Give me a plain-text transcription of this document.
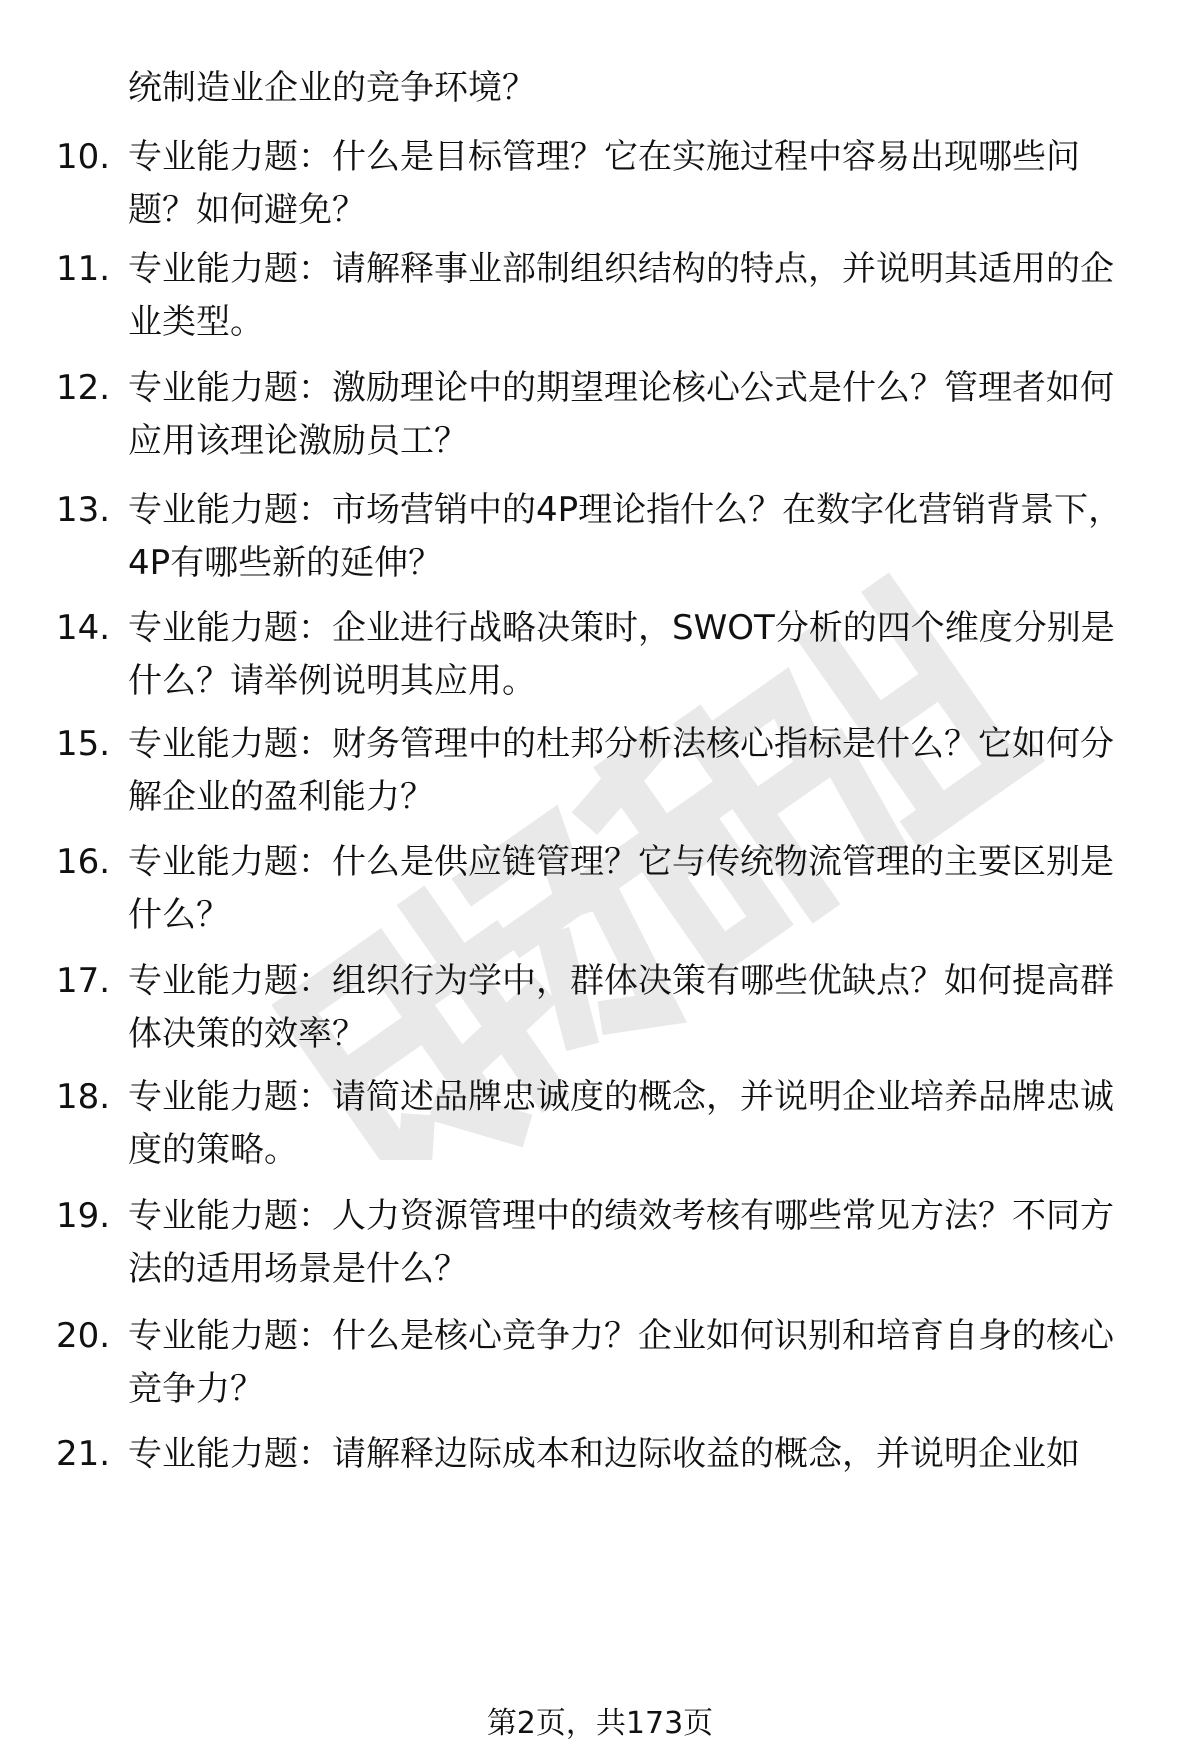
统制造业企业的竞争环境？

10. 专业能力题：什么是目标管理？它在实施过程中容易出现哪些问题？如何避免？

11. 专业能力题：请解释事业部制组织结构的特点，并说明其适用的企业类型。

12. 专业能力题：激励理论中的期望理论核心公式是什么？管理者如何应用该理论激励员工？

13. 专业能力题：市场营销中的4P理论指什么？在数字化营销背景下，4P有哪些新的延伸？

14. 专业能力题：企业进行战略决策时，SWOT分析的四个维度分别是什么？请举例说明其应用。

15. 专业能力题：财务管理中的杜邦分析法核心指标是什么？它如何分解企业的盈利能力？

16. 专业能力题：什么是供应链管理？它与传统物流管理的主要区别是什么？

17. 专业能力题：组织行为学中，群体决策有哪些优缺点？如何提高群体决策的效率？

18. 专业能力题：请简述品牌忠诚度的概念，并说明企业培养品牌忠诚度的策略。

19. 专业能力题：人力资源管理中的绩效考核有哪些常见方法？不同方法的适用场景是什么？

20. 专业能力题：什么是核心竞争力？企业如何识别和培育自身的核心竞争力？

21. 专业能力题：请解释边际成本和边际收益的概念，并说明企业如

第2页，共173页
